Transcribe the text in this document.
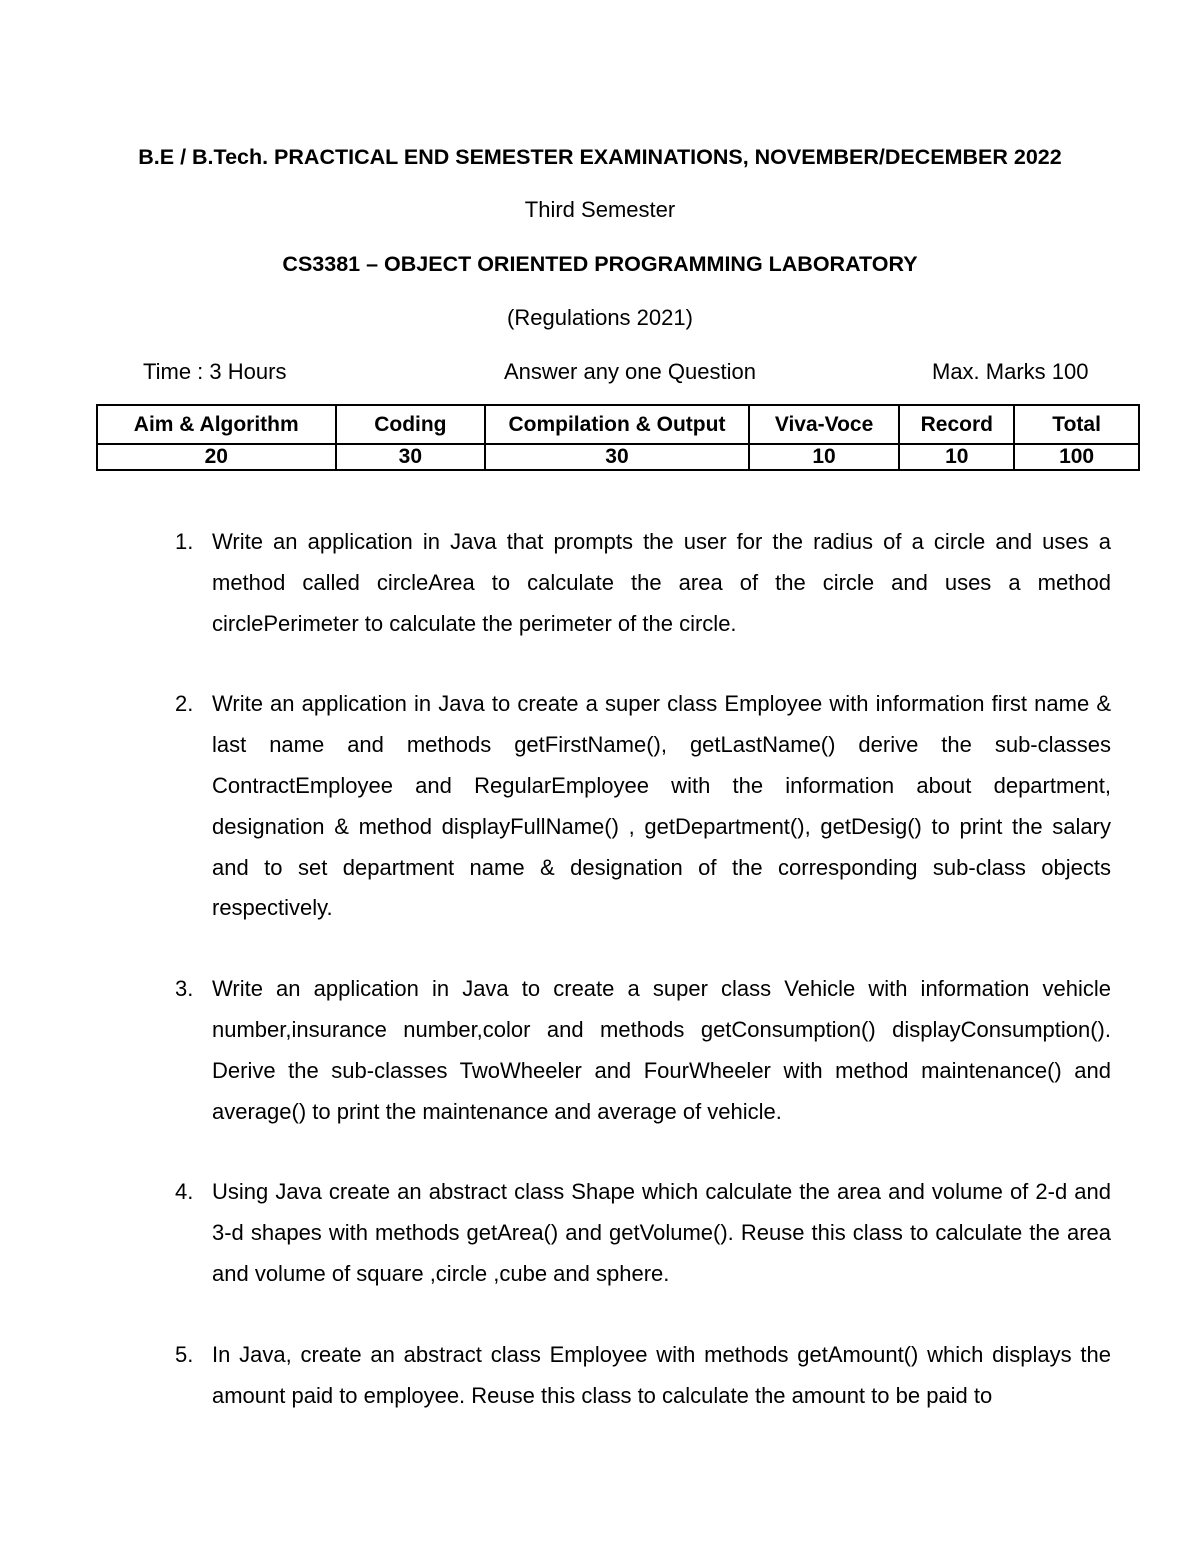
B.E / B.Tech. PRACTICAL END SEMESTER EXAMINATIONS, NOVEMBER/DECEMBER 2022
Third Semester
CS3381 – OBJECT ORIENTED PROGRAMMING LABORATORY
(Regulations 2021)
Time : 3 Hours	Answer any one Question	Max. Marks 100
Aim & Algorithm	Coding	Compilation & Output	Viva-Voce	Record	Total
20	30	30	10	10	100
1. Write an application in Java that prompts the user for the radius of a circle and uses a method called circleArea to calculate the area of the circle and uses a method circlePerimeter to calculate the perimeter of the circle.
2. Write an application in Java to create a super class Employee with information first name & last name and methods getFirstName(), getLastName() derive the sub-classes ContractEmployee and RegularEmployee with the information about department, designation & method displayFullName() , getDepartment(), getDesig() to print the salary and to set department name & designation of the corresponding sub-class objects respectively.
3. Write an application in Java to create a super class Vehicle with information vehicle number,insurance number,color and methods getConsumption() displayConsumption(). Derive the sub-classes TwoWheeler and FourWheeler with method maintenance() and average() to print the maintenance and average of vehicle.
4. Using Java create an abstract class Shape which calculate the area and volume of 2-d and 3-d shapes with methods getArea() and getVolume(). Reuse this class to calculate the area and volume of square ,circle ,cube and sphere.
5. In Java, create an abstract class Employee with methods getAmount() which displays the amount paid to employee. Reuse this class to calculate the amount to be paid to
